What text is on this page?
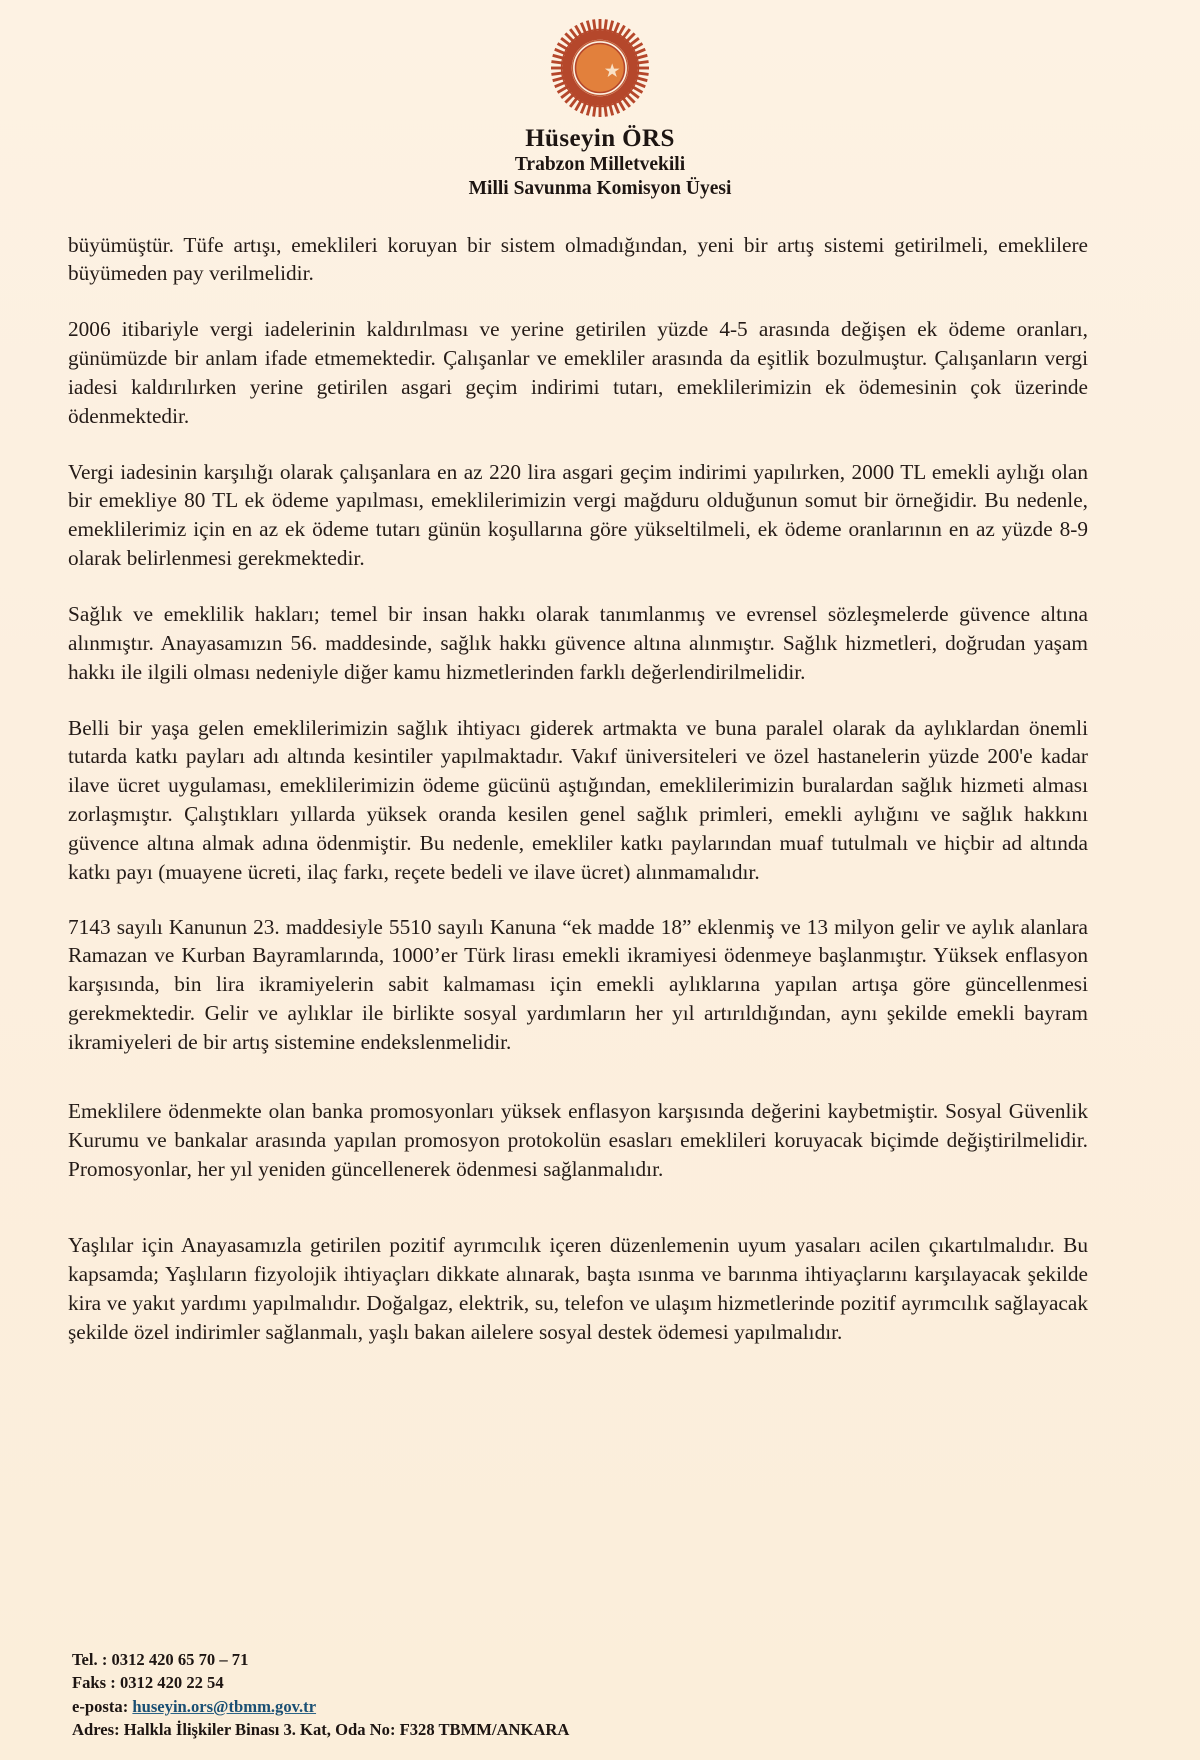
Hüseyin ÖRS
Trabzon Milletvekili
Milli Savunma Komisyon Üyesi

büyümüştür. Tüfe artışı, emeklileri koruyan bir sistem olmadığından, yeni bir artış sistemi getirilmeli, emeklilere büyümeden pay verilmelidir.

2006 itibariyle vergi iadelerinin kaldırılması ve yerine getirilen yüzde 4-5 arasında değişen ek ödeme oranları, günümüzde bir anlam ifade etmemektedir. Çalışanlar ve emekliler arasında da eşitlik bozulmuştur. Çalışanların vergi iadesi kaldırılırken yerine getirilen asgari geçim indirimi tutarı, emeklilerimizin ek ödemesinin çok üzerinde ödenmektedir.

Vergi iadesinin karşılığı olarak çalışanlara en az 220 lira asgari geçim indirimi yapılırken, 2000 TL emekli aylığı olan bir emekliye 80 TL ek ödeme yapılması, emeklilerimizin vergi mağduru olduğunun somut bir örneğidir. Bu nedenle, emeklilerimiz için en az ek ödeme tutarı günün koşullarına göre yükseltilmeli, ek ödeme oranlarının en az yüzde 8-9 olarak belirlenmesi gerekmektedir.

Sağlık ve emeklilik hakları; temel bir insan hakkı olarak tanımlanmış ve evrensel sözleşmelerde güvence altına alınmıştır. Anayasamızın 56. maddesinde, sağlık hakkı güvence altına alınmıştır. Sağlık hizmetleri, doğrudan yaşam hakkı ile ilgili olması nedeniyle diğer kamu hizmetlerinden farklı değerlendirilmelidir.

Belli bir yaşa gelen emeklilerimizin sağlık ihtiyacı giderek artmakta ve buna paralel olarak da aylıklardan önemli tutarda katkı payları adı altında kesintiler yapılmaktadır. Vakıf üniversiteleri ve özel hastanelerin yüzde 200'e kadar ilave ücret uygulaması, emeklilerimizin ödeme gücünü aştığından, emeklilerimizin buralardan sağlık hizmeti alması zorlaşmıştır. Çalıştıkları yıllarda yüksek oranda kesilen genel sağlık primleri, emekli aylığını ve sağlık hakkını güvence altına almak adına ödenmiştir. Bu nedenle, emekliler katkı paylarından muaf tutulmalı ve hiçbir ad altında katkı payı (muayene ücreti, ilaç farkı, reçete bedeli ve ilave ücret) alınmamalıdır.

7143 sayılı Kanunun 23. maddesiyle 5510 sayılı Kanuna “ek madde 18” eklenmiş ve 13 milyon gelir ve aylık alanlara Ramazan ve Kurban Bayramlarında, 1000’er Türk lirası emekli ikramiyesi ödenmeye başlanmıştır. Yüksek enflasyon karşısında, bin lira ikramiyelerin sabit kalmaması için emekli aylıklarına yapılan artışa göre güncellenmesi gerekmektedir. Gelir ve aylıklar ile birlikte sosyal yardımların her yıl artırıldığından, aynı şekilde emekli bayram ikramiyeleri de bir artış sistemine endekslenmelidir.

Emeklilere ödenmekte olan banka promosyonları yüksek enflasyon karşısında değerini kaybetmiştir. Sosyal Güvenlik Kurumu ve bankalar arasında yapılan promosyon protokolün esasları emeklileri koruyacak biçimde değiştirilmelidir. Promosyonlar, her yıl yeniden güncellenerek ödenmesi sağlanmalıdır.

Yaşlılar için Anayasamızla getirilen pozitif ayrımcılık içeren düzenlemenin uyum yasaları acilen çıkartılmalıdır. Bu kapsamda; Yaşlıların fizyolojik ihtiyaçları dikkate alınarak, başta ısınma ve barınma ihtiyaçlarını karşılayacak şekilde kira ve yakıt yardımı yapılmalıdır. Doğalgaz, elektrik, su, telefon ve ulaşım hizmetlerinde pozitif ayrımcılık sağlayacak şekilde özel indirimler sağlanmalı, yaşlı bakan ailelere sosyal destek ödemesi yapılmalıdır.

Tel. : 0312 420 65 70 – 71
Faks : 0312 420 22 54
e-posta: huseyin.ors@tbmm.gov.tr
Adres: Halkla İlişkiler Binası 3. Kat, Oda No: F328 TBMM/ANKARA
